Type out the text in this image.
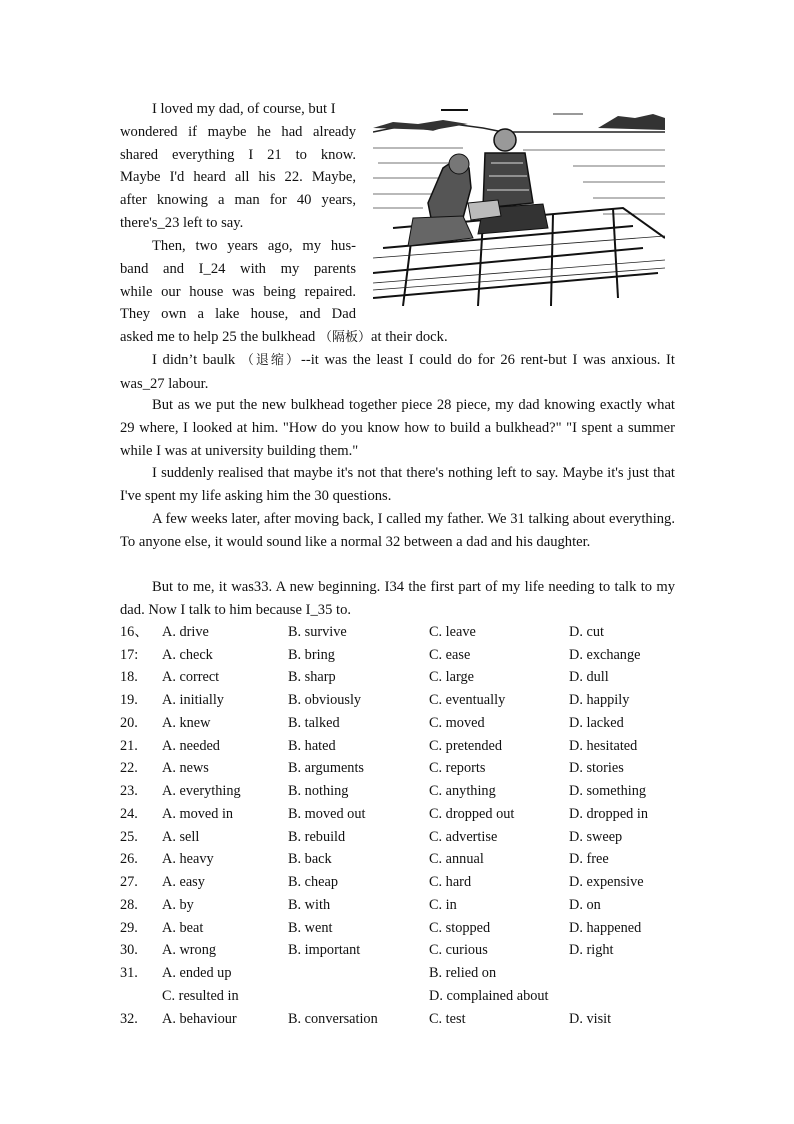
I loved my dad, of course, but I
wondered if maybe he had already
shared everything I 21 to know.
Maybe I'd heard all his 22. Maybe,
after knowing a man for 40 years,
there's_23 left to say.
Then, two years ago, my hus-
band and I_24 with my parents
while our house was being repaired.
They own a lake house, and Dad
asked me to help 25 the bulkhead （隔板）at their dock.
I didn’t baulk （退缩）--it was the least I could do for 26 rent-but I was anxious. It was_27 labour.
But as we put the new bulkhead together piece 28 piece, my dad knowing exactly what 29 where, I looked at him. "How do you know how to build a bulkhead?" "I spent a summer while I was at university building them."
I suddenly realised that maybe it's not that there's nothing left to say. Maybe it's just that I've spent my life asking him the 30 questions.
A few weeks later, after moving back, I called my father. We 31 talking about everything. To anyone else, it would sound like a normal 32 between a dad and his daughter.
But to me, it was33. A new beginning. I34 the first part of my life needing to talk to my dad. Now I talk to him because I_35 to.
16、 A. drive	B. survive	C. leave	D. cut
17: A. check	B. bring	C. ease	D. exchange
18. A. correct	B. sharp	C. large	D. dull
19. A. initially	B. obviously	C. eventually	D. happily
20. A. knew	B. talked	C. moved	D. lacked
21. A. needed	B. hated	C. pretended	D. hesitated
22. A. news	B. arguments	C. reports	D. stories
23. A. everything	B. nothing	C. anything	D. something
24. A. moved in	B. moved out	C. dropped out	D. dropped in
25. A. sell	B. rebuild	C. advertise	D. sweep
26. A. heavy	B. back	C. annual	D. free
27. A. easy	B. cheap	C. hard	D. expensive
28. A. by	B. with	C. in	D. on
29. A. beat	B. went	C. stopped	D. happened
30. A. wrong	B. important	C. curious	D. right
31. A. ended up	B. relied on
C. resulted in	D. complained about
32. A. behaviour	B. conversation	C. test	D. visit
